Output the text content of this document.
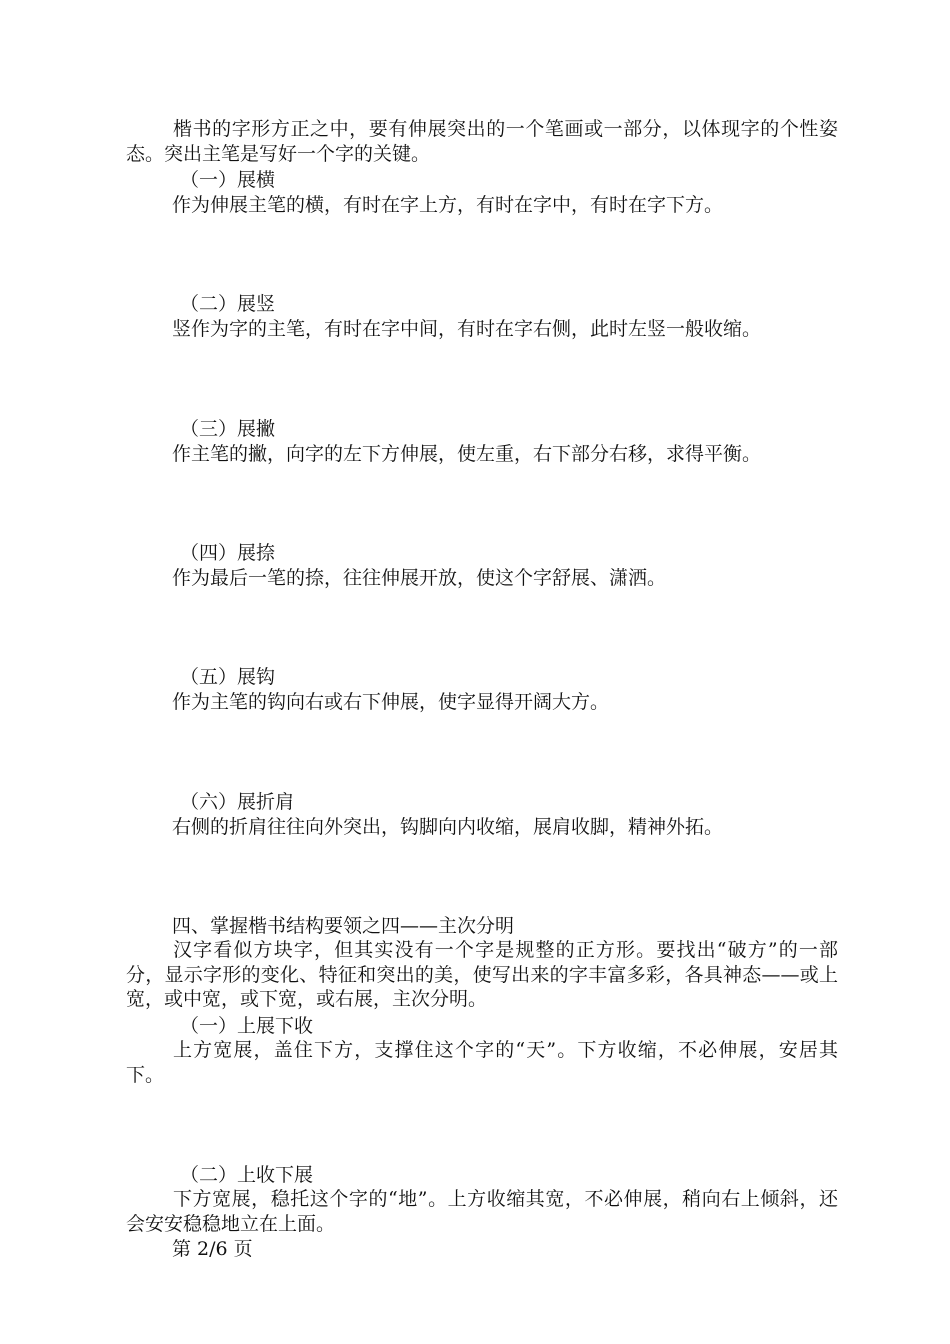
楷书的字形方正之中，要有伸展突出的一个笔画或一部分，以体现字的个性姿态。突出主笔是写好一个字的关键。
（一）展横
作为伸展主笔的横，有时在字上方，有时在字中，有时在字下方。
（二）展竖
竖作为字的主笔，有时在字中间，有时在字右侧，此时左竖一般收缩。
（三）展撇
作主笔的撇，向字的左下方伸展，使左重，右下部分右移，求得平衡。
（四）展捺
作为最后一笔的捺，往往伸展开放，使这个字舒展、潇洒。
（五）展钩
作为主笔的钩向右或右下伸展，使字显得开阔大方。
（六）展折肩
右侧的折肩往往向外突出，钩脚向内收缩，展肩收脚，精神外拓。
四、掌握楷书结构要领之四——主次分明
汉字看似方块字，但其实没有一个字是规整的正方形。要找出“破方”的一部分，显示字形的变化、特征和突出的美，使写出来的字丰富多彩，各具神态——或上宽，或中宽，或下宽，或右展，主次分明。
（一）上展下收
上方宽展，盖住下方，支撑住这个字的“天”。下方收缩，不必伸展，安居其下。
（二）上收下展
下方宽展，稳托这个字的“地”。上方收缩其宽，不必伸展，稍向右上倾斜，还会安安稳稳地立在上面。
第 2/6 页
